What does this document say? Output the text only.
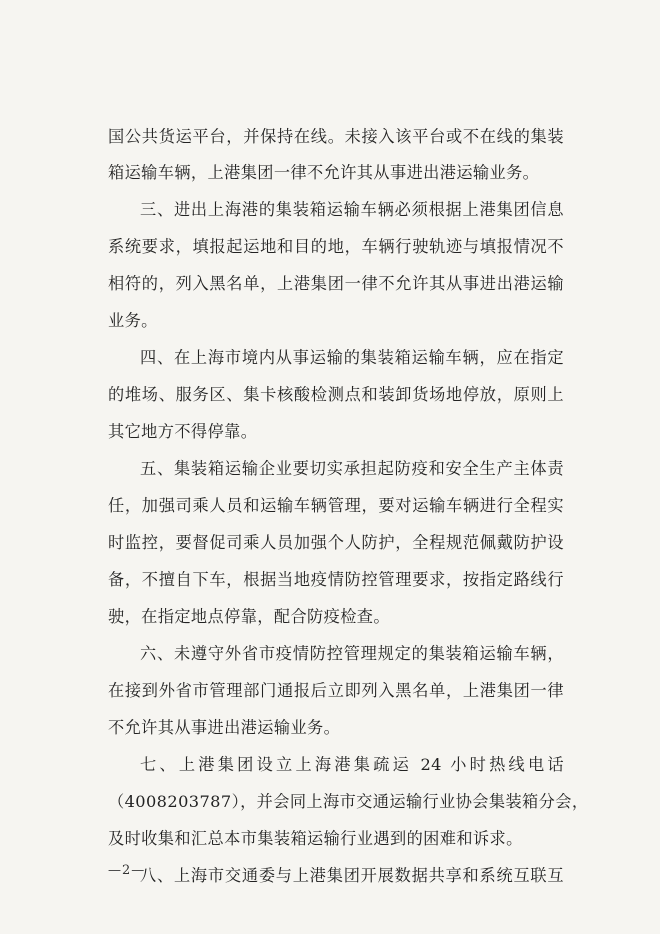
国公共货运平台，并保持在线。未接入该平台或不在线的集装
箱运输车辆，上港集团一律不允许其从事进出港运输业务。
三、进出上海港的集装箱运输车辆必须根据上港集团信息
系统要求，填报起运地和目的地，车辆行驶轨迹与填报情况不
相符的，列入黑名单，上港集团一律不允许其从事进出港运输
业务。
四、在上海市境内从事运输的集装箱运输车辆，应在指定
的堆场、服务区、集卡核酸检测点和装卸货场地停放，原则上
其它地方不得停靠。
五、集装箱运输企业要切实承担起防疫和安全生产主体责
任，加强司乘人员和运输车辆管理，要对运输车辆进行全程实
时监控，要督促司乘人员加强个人防护，全程规范佩戴防护设
备，不擅自下车，根据当地疫情防控管理要求，按指定路线行
驶，在指定地点停靠，配合防疫检查。
六、未遵守外省市疫情防控管理规定的集装箱运输车辆，
在接到外省市管理部门通报后立即列入黑名单，上港集团一律
不允许其从事进出港运输业务。
七、上港集团设立上海港集疏运 24 小时热线电话
（4008203787），并会同上海市交通运输行业协会集装箱分会，
及时收集和汇总本市集装箱运输行业遇到的困难和诉求。
八、上海市交通委与上港集团开展数据共享和系统互联互
—2—
